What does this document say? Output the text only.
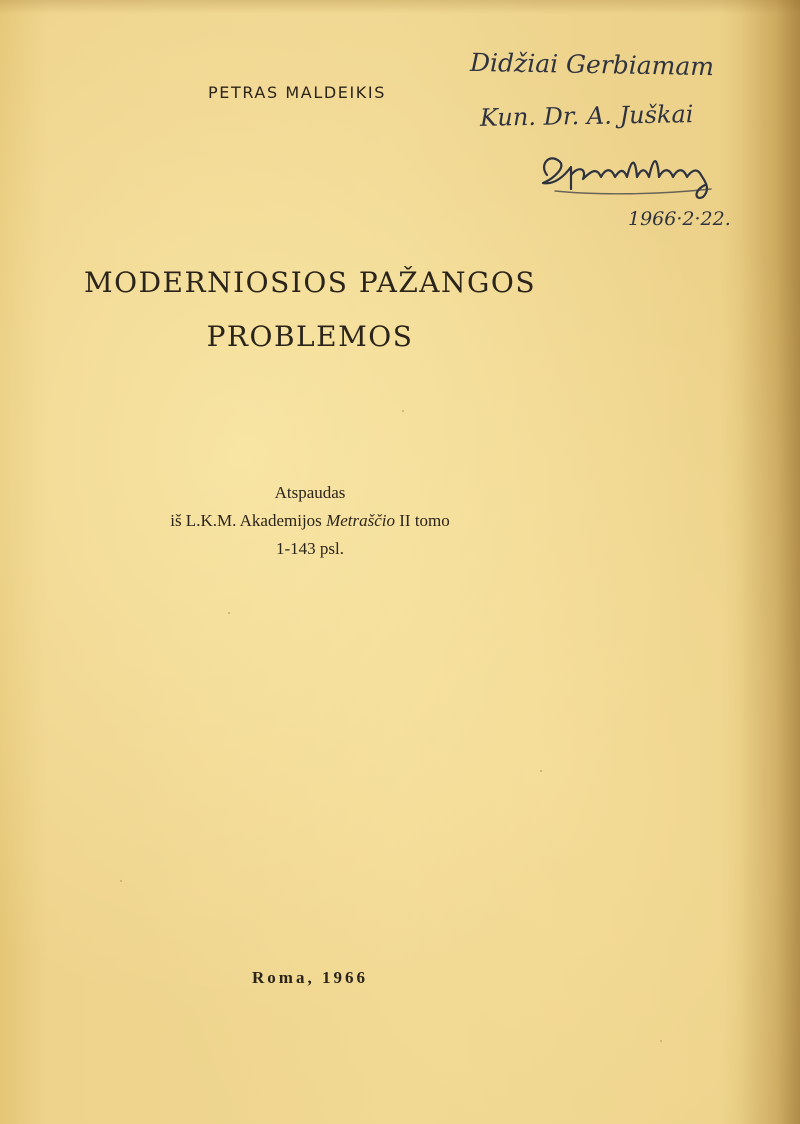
PETRAS MALDEIKIS
Didžiai Gerbiamam
Kun. Dr. A. Juškai
1966·2·22.
MODERNIOSIOS PAŽANGOS
PROBLEMOS
Atspaudas
iš L.K.M. Akademijos Metraščio II tomo
1-143 psl.
Roma, 1966
